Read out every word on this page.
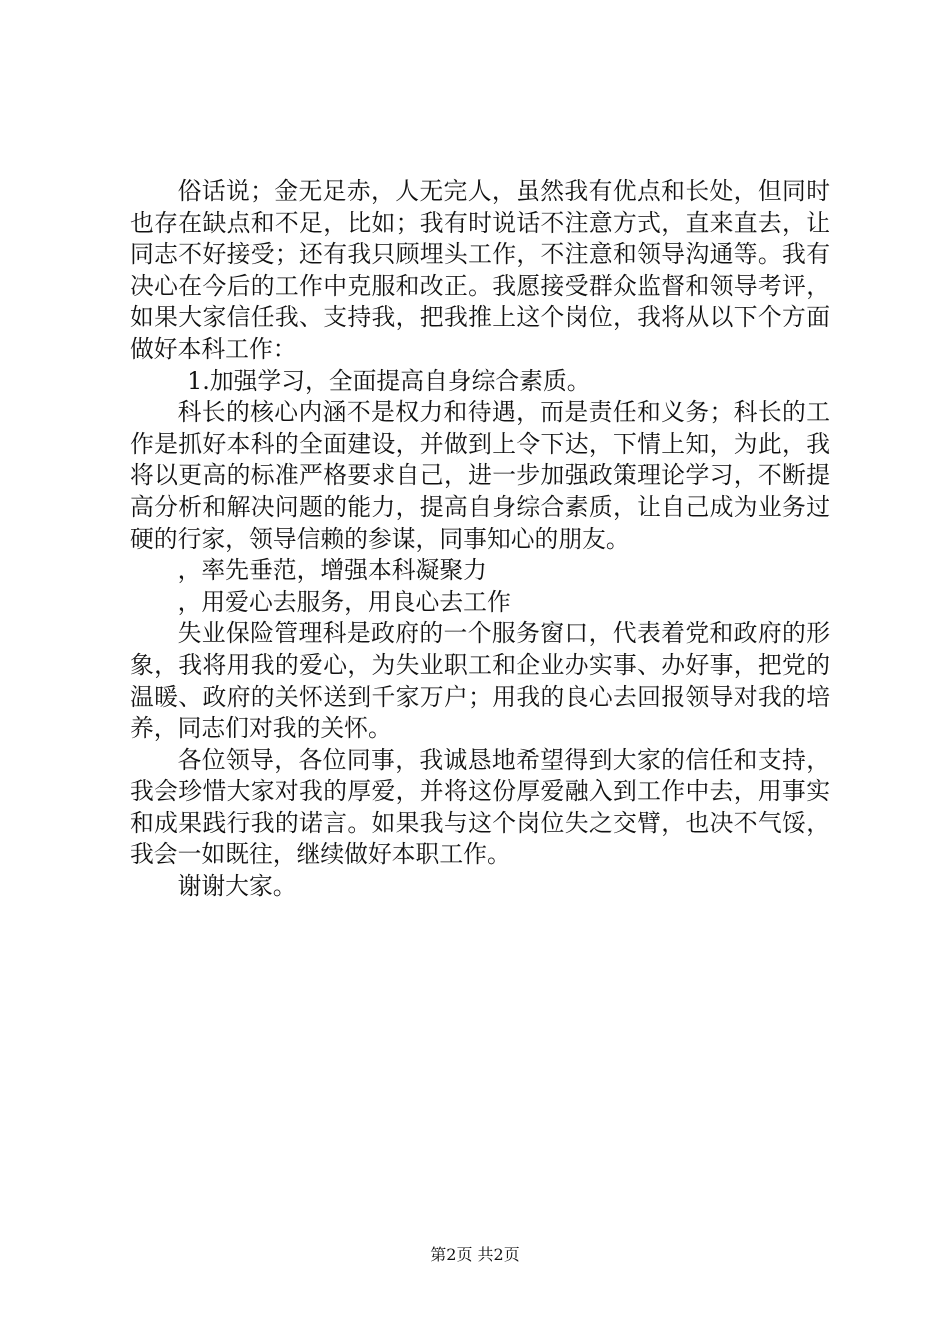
俗话说；金无足赤，人无完人，虽然我有优点和长处，但同时也存在缺点和不足，比如；我有时说话不注意方式，直来直去，让同志不好接受；还有我只顾埋头工作，不注意和领导沟通等。我有决心在今后的工作中克服和改正。我愿接受群众监督和领导考评，如果大家信任我、支持我，把我推上这个岗位，我将从以下个方面做好本科工作：

1.加强学习，全面提高自身综合素质。

科长的核心内涵不是权力和待遇，而是责任和义务；科长的工作是抓好本科的全面建设，并做到上令下达，下情上知，为此，我将以更高的标准严格要求自己，进一步加强政策理论学习，不断提高分析和解决问题的能力，提高自身综合素质，让自己成为业务过硬的行家，领导信赖的参谋，同事知心的朋友。

，率先垂范，增强本科凝聚力

，用爱心去服务，用良心去工作

失业保险管理科是政府的一个服务窗口，代表着党和政府的形象，我将用我的爱心，为失业职工和企业办实事、办好事，把党的温暖、政府的关怀送到千家万户；用我的良心去回报领导对我的培养，同志们对我的关怀。

各位领导，各位同事，我诚恳地希望得到大家的信任和支持，我会珍惜大家对我的厚爱，并将这份厚爱融入到工作中去，用事实和成果践行我的诺言。如果我与这个岗位失之交臂，也决不气馁，我会一如既往，继续做好本职工作。

谢谢大家。

第2页 共2页
